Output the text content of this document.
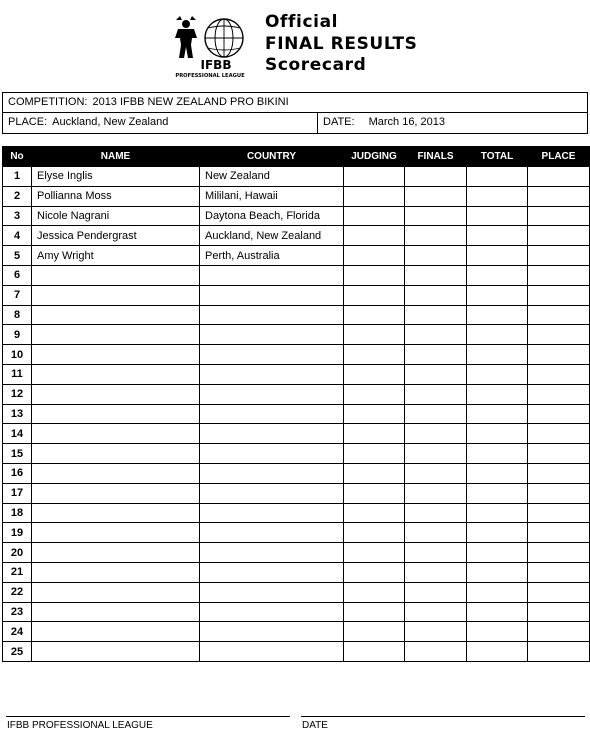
IFBB
PROFESSIONAL LEAGUE
Official
FINAL RESULTS
Scorecard
COMPETITION: 2013 IFBB NEW ZEALAND PRO BIKINI
PLACE: Auckland, New Zealand	DATE: March 16, 2013
No	NAME	COUNTRY	JUDGING	FINALS	TOTAL	PLACE
1	Elyse Inglis	New Zealand				
2	Pollianna Moss	Mililani, Hawaii				
3	Nicole Nagrani	Daytona Beach, Florida				
4	Jessica Pendergrast	Auckland, New Zealand				
5	Amy Wright	Perth, Australia				
6						
7						
8						
9						
10						
11						
12						
13						
14						
15						
16						
17						
18						
19						
20						
21						
22						
23						
24						
25						
IFBB PROFESSIONAL LEAGUE	DATE
